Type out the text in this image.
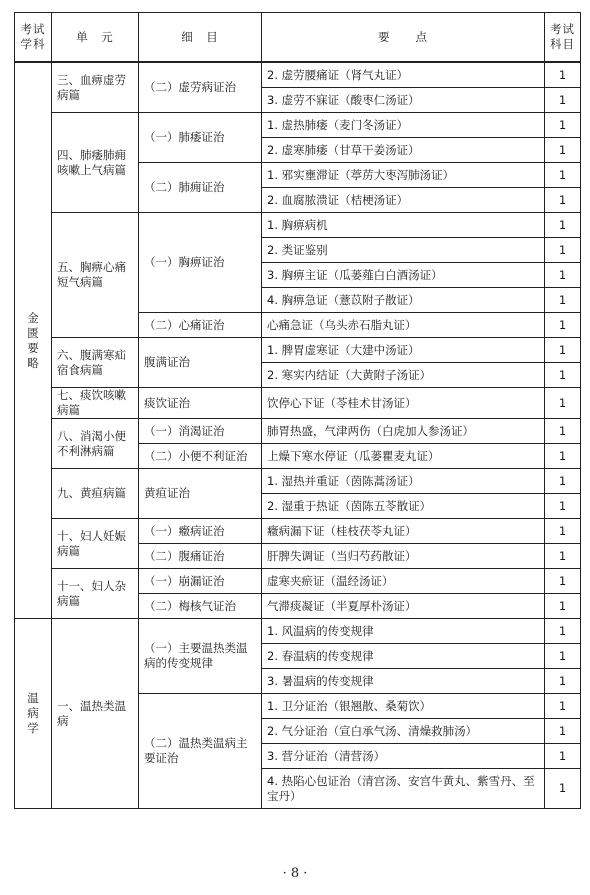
考试学科	单　元	细　目	要　　点	考试科目
金匮要略	三、血痹虚劳病篇	（二）虚劳病证治	2. 虚劳腰痛证（肾气丸证）	1
			3. 虚劳不寐证（酸枣仁汤证）	1
	四、肺痿肺痈咳嗽上气病篇	（一）肺痿证治	1. 虚热肺痿（麦门冬汤证）	1
			2. 虚寒肺痿（甘草干姜汤证）	1
		（二）肺痈证治	1. 邪实壅滞证（葶苈大枣泻肺汤证）	1
			2. 血腐脓溃证（桔梗汤证）	1
	五、胸痹心痛短气病篇	（一）胸痹证治	1. 胸痹病机	1
			2. 类证鉴别	1
			3. 胸痹主证（瓜蒌薤白白酒汤证）	1
			4. 胸痹急证（薏苡附子散证）	1
		（二）心痛证治	心痛急证（乌头赤石脂丸证）	1
	六、腹满寒疝宿食病篇	腹满证治	1. 脾胃虚寒证（大建中汤证）	1
			2. 寒实内结证（大黄附子汤证）	1
	七、痰饮咳嗽病篇	痰饮证治	饮停心下证（苓桂术甘汤证）	1
	八、消渴小便不利淋病篇	（一）消渴证治	肺胃热盛，气津两伤（白虎加人参汤证）	1
		（二）小便不利证治	上燥下寒水停证（瓜蒌瞿麦丸证）	1
	九、黄疸病篇	黄疸证治	1. 湿热并重证（茵陈蒿汤证）	1
			2. 湿重于热证（茵陈五苓散证）	1
	十、妇人妊娠病篇	（一）癥病证治	癥病漏下证（桂枝茯苓丸证）	1
		（二）腹痛证治	肝脾失调证（当归芍药散证）	1
	十一、妇人杂病篇	（一）崩漏证治	虚寒夹瘀证（温经汤证）	1
		（二）梅核气证治	气滞痰凝证（半夏厚朴汤证）	1
温病学	一、温热类温病	（一）主要温热类温病的传变规律	1. 风温病的传变规律	1
			2. 春温病的传变规律	1
			3. 暑温病的传变规律	1
		（二）温热类温病主要证治	1. 卫分证治（银翘散、桑菊饮）	1
			2. 气分证治（宣白承气汤、清燥救肺汤）	1
			3. 营分证治（清营汤）	1
			4. 热陷心包证治（清宫汤、安宫牛黄丸、紫雪丹、至宝丹）	1
· 8 ·
